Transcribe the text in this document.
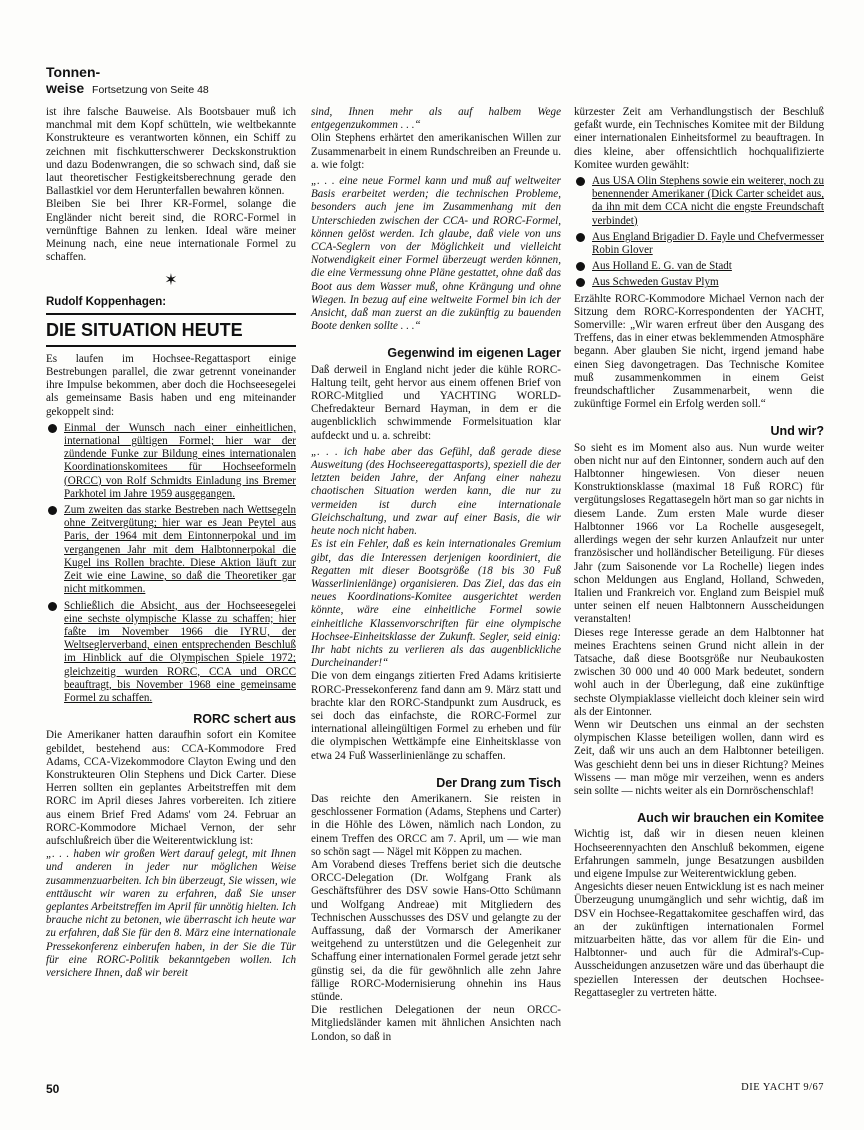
Tonnen-
weise Fortsetzung von Seite 48

ist ihre falsche Bauweise. Als Bootsbauer muß ich manchmal mit dem Kopf schütteln, wie weltbekannte Konstrukteure es verantworten können, ein Schiff zu zeichnen mit fischkutterschwerer Deckskonstruktion und dazu Bodenwrangen, die so schwach sind, daß sie laut theoretischer Festigkeitsberechnung gerade den Ballastkiel vor dem Herunterfallen bewahren können.

Bleiben Sie bei Ihrer KR-Formel, solange die Engländer nicht bereit sind, die RORC-Formel in vernünftige Bahnen zu lenken. Ideal wäre meiner Meinung nach, eine neue internationale Formel zu schaffen.

✶
Rudolf Koppenhagen:
DIE SITUATION HEUTE

Es laufen im Hochsee-Regattasport einige Bestrebungen parallel, die zwar getrennt voneinander ihre Impulse bekommen, aber doch die Hochseesegelei als gemeinsame Basis haben und eng miteinander gekoppelt sind:

Einmal der Wunsch nach einer einheitlichen, international gültigen Formel; hier war der zündende Funke zur Bildung eines internationalen Koordinationskomitees für Hochseeformeln (ORCC) von Rolf Schmidts Einladung ins Bremer Parkhotel im Jahre 1959 ausgegangen.
Zum zweiten das starke Bestreben nach Wettsegeln ohne Zeitvergütung; hier war es Jean Peytel aus Paris, der 1964 mit dem Eintonnerpokal und im vergangenen Jahr mit dem Halbtonnerpokal die Kugel ins Rollen brachte. Diese Aktion läuft zur Zeit wie eine Lawine, so daß die Theoretiker gar nicht mitkommen.
Schließlich die Absicht, aus der Hochseesegelei eine sechste olympische Klasse zu schaffen; hier faßte im November 1966 die IYRU, der Weltseglerverband, einen entsprechenden Beschluß im Hinblick auf die Olympischen Spiele 1972; gleichzeitig wurden RORC, CCA und ORCC beauftragt, bis November 1968 eine gemeinsame Formel zu schaffen.
RORC schert aus

Die Amerikaner hatten daraufhin sofort ein Komitee gebildet, bestehend aus: CCA-Kommodore Fred Adams, CCA-Vizekommodore Clayton Ewing und den Konstrukteuren Olin Stephens und Dick Carter. Diese Herren sollten ein geplantes Arbeitstreffen mit dem RORC im April dieses Jahres vorbereiten. Ich zitiere aus einem Brief Fred Adams' vom 24. Februar an RORC-Kommodore Michael Vernon, der sehr aufschlußreich über die Weiterentwicklung ist:

„. . . haben wir großen Wert darauf gelegt, mit Ihnen und anderen in jeder nur möglichen Weise zusammenzuarbeiten. Ich bin überzeugt, Sie wissen, wie enttäuscht wir waren zu erfahren, daß Sie unser geplantes Arbeitstreffen im April für unnötig hielten. Ich brauche nicht zu betonen, wie überrascht ich heute war zu erfahren, daß Sie für den 8. März eine internationale Pressekonferenz einberufen haben, in der Sie die Tür für eine RORC-Politik bekanntgeben wollen. Ich versichere Ihnen, daß wir bereit

sind, Ihnen mehr als auf halbem Wege entgegenzukommen . . .“

Olin Stephens erhärtet den amerikanischen Willen zur Zusammenarbeit in einem Rundschreiben an Freunde u. a. wie folgt:

„. . . eine neue Formel kann und muß auf weltweiter Basis erarbeitet werden; die technischen Probleme, besonders auch jene im Zusammenhang mit den Unterschieden zwischen der CCA- und RORC-Formel, können gelöst werden. Ich glaube, daß viele von uns CCA-Seglern von der Möglichkeit und vielleicht Notwendigkeit einer Formel überzeugt werden können, die eine Vermessung ohne Pläne gestattet, ohne daß das Boot aus dem Wasser muß, ohne Krängung und ohne Wiegen. In bezug auf eine weltweite Formel bin ich der Ansicht, daß man zuerst an die zukünftig zu bauenden Boote denken sollte . . .“

Gegenwind im eigenen Lager

Daß derweil in England nicht jeder die kühle RORC-Haltung teilt, geht hervor aus einem offenen Brief von RORC-Mitglied und YACHTING WORLD-Chefredakteur Bernard Hayman, in dem er die augenblicklich schwimmende Formelsituation klar aufdeckt und u. a. schreibt:

„. . . ich habe aber das Gefühl, daß gerade diese Ausweitung (des Hochseeregattasports), speziell die der letzten beiden Jahre, der Anfang einer nahezu chaotischen Situation werden kann, die nur zu vermeiden ist durch eine internationale Gleichschaltung, und zwar auf einer Basis, die wir heute noch nicht haben.

Es ist ein Fehler, daß es kein internationales Gremium gibt, das die Interessen derjenigen koordiniert, die Regatten mit dieser Bootsgröße (18 bis 30 Fuß Wasserlinienlänge) organisieren. Das Ziel, das das ein neues Koordinations-Komitee ausgerichtet werden könnte, wäre eine einheitliche Formel sowie einheitliche Klassenvorschriften für eine olympische Hochsee-Einheitsklasse der Zukunft. Segler, seid einig: Ihr habt nichts zu verlieren als das augenblickliche Durcheinander!“

Die von dem eingangs zitierten Fred Adams kritisierte RORC-Pressekonferenz fand dann am 9. März statt und brachte klar den RORC-Standpunkt zum Ausdruck, es sei doch das einfachste, die RORC-Formel zur international alleingültigen Formel zu erheben und für die olympischen Wettkämpfe eine Einheitsklasse von etwa 24 Fuß Wasserlinienlänge zu schaffen.

Der Drang zum Tisch

Das reichte den Amerikanern. Sie reisten in geschlossener Formation (Adams, Stephens und Carter) in die Höhle des Löwen, nämlich nach London, zu einem Treffen des ORCC am 7. April, um — wie man so schön sagt — Nägel mit Köppen zu machen.

Am Vorabend dieses Treffens beriet sich die deutsche ORCC-Delegation (Dr. Wolfgang Frank als Geschäftsführer des DSV sowie Hans-Otto Schümann und Wolfgang Andreae) mit Mitgliedern des Technischen Ausschusses des DSV und gelangte zu der Auffassung, daß der Vormarsch der Amerikaner weitgehend zu unterstützen und die Gelegenheit zur Schaffung einer internationalen Formel gerade jetzt sehr günstig sei, da die für gewöhnlich alle zehn Jahre fällige RORC-Modernisierung ohnehin ins Haus stünde.

Die restlichen Delegationen der neun ORCC-Mitgliedsländer kamen mit ähnlichen Ansichten nach London, so daß in

kürzester Zeit am Verhandlungstisch der Beschluß gefaßt wurde, ein Technisches Komitee mit der Bildung einer internationalen Einheitsformel zu beauftragen. In dies kleine, aber offensichtlich hochqualifizierte Komitee wurden gewählt:

Aus USA Olin Stephens sowie ein weiterer, noch zu benennender Amerikaner (Dick Carter scheidet aus, da ihn mit dem CCA nicht die engste Freundschaft verbindet)
Aus England Brigadier D. Fayle und Chefvermesser Robin Glover
Aus Holland E. G. van de Stadt
Aus Schweden Gustav Plym

Erzählte RORC-Kommodore Michael Vernon nach der Sitzung dem RORC-Korrespondenten der YACHT, Somerville: „Wir waren erfreut über den Ausgang des Treffens, das in einer etwas beklemmenden Atmosphäre begann. Aber glauben Sie nicht, irgend jemand habe einen Sieg davongetragen. Das Technische Komitee muß zusammenkommen in einem Geist freundschaftlicher Zusammenarbeit, wenn die zukünftige Formel ein Erfolg werden soll.“

Und wir?

So sieht es im Moment also aus. Nun wurde weiter oben nicht nur auf den Eintonner, sondern auch auf den Halbtonner hingewiesen. Von dieser neuen Konstruktionsklasse (maximal 18 Fuß RORC) für vergütungsloses Regattasegeln hört man so gar nichts in diesem Lande. Zum ersten Male wurde dieser Halbtonner 1966 vor La Rochelle ausgesegelt, allerdings wegen der sehr kurzen Anlaufzeit nur unter französischer und holländischer Beteiligung. Für dieses Jahr (zum Saisonende vor La Rochelle) liegen indes schon Meldungen aus England, Holland, Schweden, Italien und Frankreich vor. England zum Beispiel muß unter seinen elf neuen Halbtonnern Ausscheidungen veranstalten!

Dieses rege Interesse gerade an dem Halbtonner hat meines Erachtens seinen Grund nicht allein in der Tatsache, daß diese Bootsgröße nur Neubaukosten zwischen 30 000 und 40 000 Mark bedeutet, sondern wohl auch in der Überlegung, daß eine zukünftige sechste Olympiaklasse vielleicht doch kleiner sein wird als der Eintonner.

Wenn wir Deutschen uns einmal an der sechsten olympischen Klasse beteiligen wollen, dann wird es Zeit, daß wir uns auch an dem Halbtonner beteiligen. Was geschieht denn bei uns in dieser Richtung? Meines Wissens — man möge mir verzeihen, wenn es anders sein sollte — nichts weiter als ein Dornröschenschlaf!

Auch wir brauchen ein Komitee

Wichtig ist, daß wir in diesen neuen kleinen Hochseerennyachten den Anschluß bekommen, eigene Erfahrungen sammeln, junge Besatzungen ausbilden und eigene Impulse zur Weiterentwicklung geben.

Angesichts dieser neuen Entwicklung ist es nach meiner Überzeugung unumgänglich und sehr wichtig, daß im DSV ein Hochsee-Regattakomitee geschaffen wird, das an der zukünftigen internationalen Formel mitzuarbeiten hätte, das vor allem für die Ein- und Halbtonner- und auch für die Admiral's-Cup-Ausscheidungen anzusetzen wäre und das überhaupt die speziellen Interessen der deutschen Hochsee-Regattasegler zu vertreten hätte.

50	DIE YACHT 9/67
